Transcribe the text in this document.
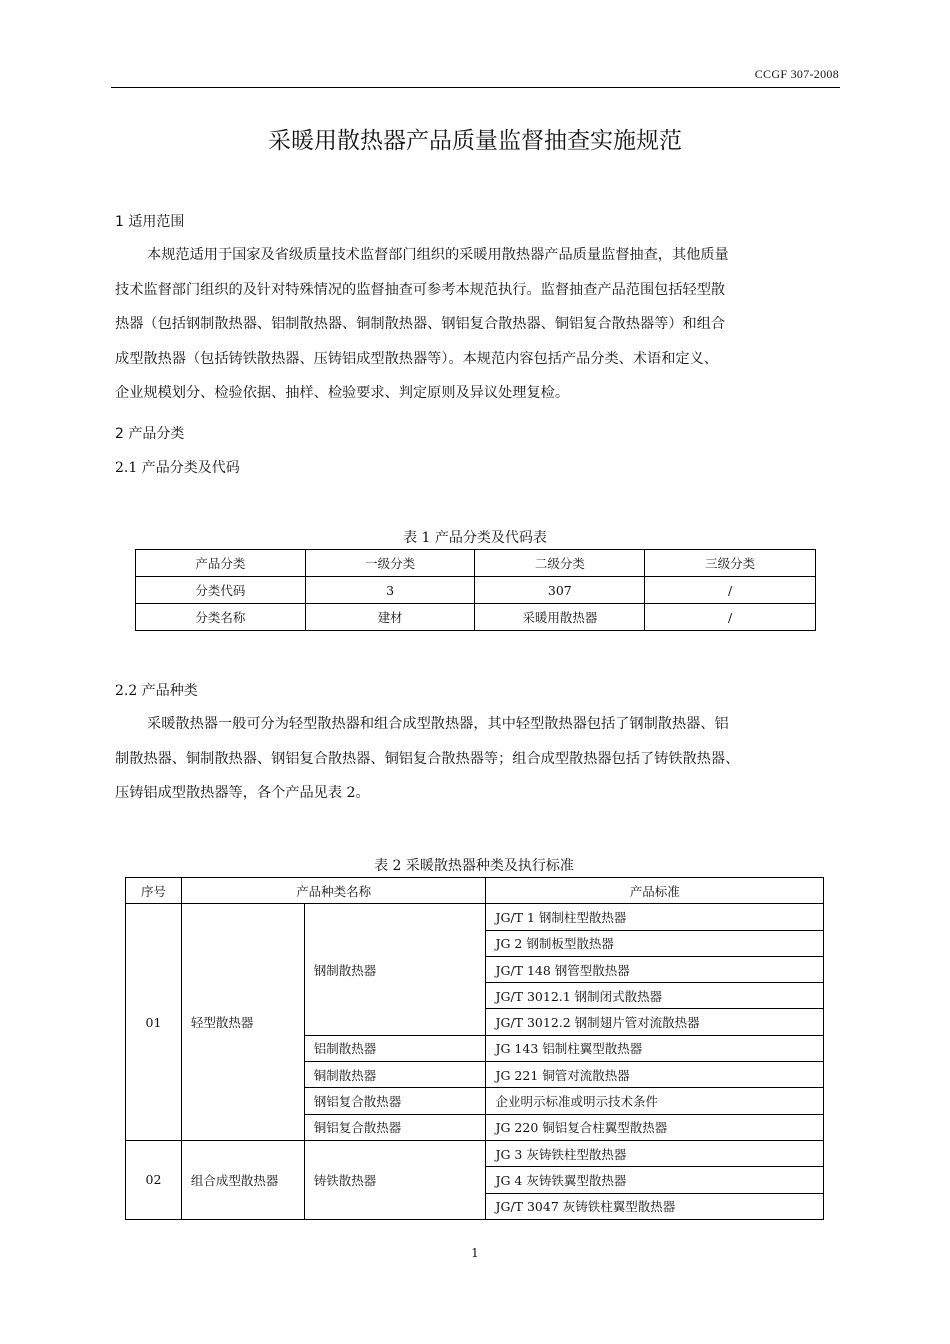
CCGF 307-2008
采暖用散热器产品质量监督抽查实施规范
1 适用范围
本规范适用于国家及省级质量技术监督部门组织的采暖用散热器产品质量监督抽查，其他质量
技术监督部门组织的及针对特殊情况的监督抽查可参考本规范执行。监督抽查产品范围包括轻型散
热器（包括钢制散热器、铝制散热器、铜制散热器、钢铝复合散热器、铜铝复合散热器等）和组合
成型散热器（包括铸铁散热器、压铸铝成型散热器等）。本规范内容包括产品分类、术语和定义、
企业规模划分、检验依据、抽样、检验要求、判定原则及异议处理复检。
2 产品分类
2.1 产品分类及代码
表 1 产品分类及代码表
产品分类	一级分类	二级分类	三级分类
分类代码	3	307	/
分类名称	建材	采暖用散热器	/
2.2 产品种类
采暖散热器一般可分为轻型散热器和组合成型散热器，其中轻型散热器包括了钢制散热器、铝
制散热器、铜制散热器、钢铝复合散热器、铜铝复合散热器等；组合成型散热器包括了铸铁散热器、
压铸铝成型散热器等，各个产品见表 2。
表 2 采暖散热器种类及执行标准
序号	产品种类名称		产品标准
01	轻型散热器	钢制散热器	JG/T 1 钢制柱型散热器
			JG 2 钢制板型散热器
			JG/T 148 钢管型散热器
			JG/T 3012.1 钢制闭式散热器
			JG/T 3012.2 钢制翅片管对流散热器
		铝制散热器	JG 143 铝制柱翼型散热器
		铜制散热器	JG 221 铜管对流散热器
		钢铝复合散热器	企业明示标准或明示技术条件
		铜铝复合散热器	JG 220 铜铝复合柱翼型散热器
02	组合成型散热器	铸铁散热器	JG 3 灰铸铁柱型散热器
			JG 4 灰铸铁翼型散热器
			JG/T 3047 灰铸铁柱翼型散热器
1
